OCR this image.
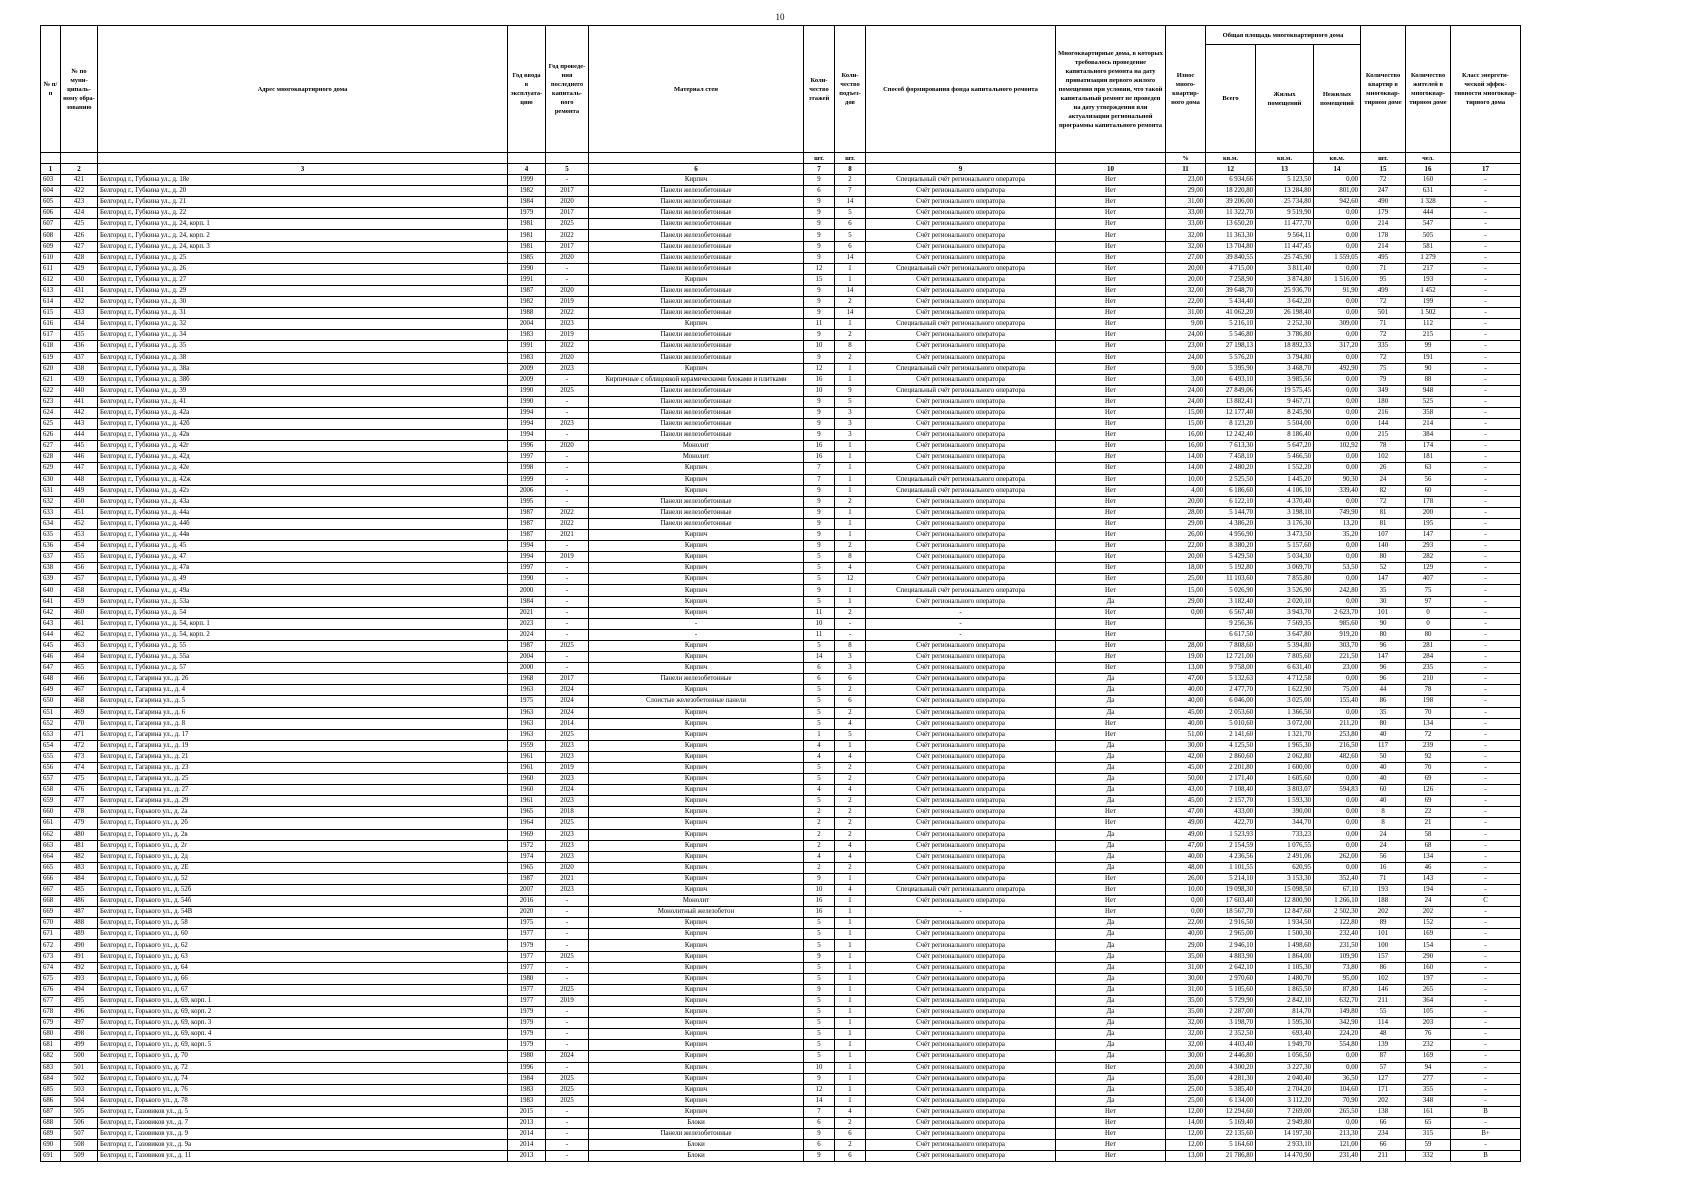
10
№ п/п	№ по муни-ципаль-ному обра-зованию	Адрес многоквартирного дома	Год ввода в эксплуата-цию	Год проведе-ния последнего капиталь-ного ремонта	Материал стен	Коли-чество этажей	Коли-чество подъез-дов	Способ формирования фонда капитального ремонта	Многоквартирные дома, в которых требовалось проведение капитального ремонта на дату приватизации первого жилого помещения при условии, что такой капитальный ремонт не проведен на дату утверждения или актуализации региональной программы капитального ремонта	Износ много-квартир-ного дома	Общая площадь многоквартирного дома			Количество квартир в многоквар-тирном доме	Количество жителей в многоквар-тирном доме	Класс энергети-ческой эффек-тивности многоквар-тирного дома
											Всего	Жилых помещений	Нежилых помещений			
						шт.	шт.			%	кв.м.	кв.м.	кв.м.	шт.	чел.	
1	2	3	4	5	6	7	8	9	10	11	12	13	14	15	16	17
603	421	Белгород г., Губкина ул., д. 18е	1999	-	Кирпич	9	2	Специальный счёт регионального оператора	Нет	23,00	6 934,66	5 123,50	0,00	72	160	-
604	422	Белгород г., Губкина ул., д. 20	1982	2017	Панели железобетонные	6	7	Счёт регионального оператора	Нет	29,00	18 220,80	13 284,80	801,00	247	631	-
605	423	Белгород г., Губкина ул., д. 21	1984	2020	Панели железобетонные	9	14	Счёт регионального оператора	Нет	31,00	39 206,00	25 734,80	942,60	490	1 328	-
606	424	Белгород г., Губкина ул., д. 22	1979	2017	Панели железобетонные	9	5	Счёт регионального оператора	Нет	33,00	11 322,70	9 519,90	0,00	179	444	-
607	425	Белгород г., Губкина ул., д. 24, корп. 1	1981	2025	Панели железобетонные	9	6	Счёт регионального оператора	Нет	33,00	13 650,20	11 477,70	0,00	214	547	-
608	426	Белгород г., Губкина ул., д. 24, корп. 2	1981	2022	Панели железобетонные	9	5	Счёт регионального оператора	Нет	32,00	11 363,30	9 564,11	0,00	178	505	-
609	427	Белгород г., Губкина ул., д. 24, корп. 3	1981	2017	Панели железобетонные	9	6	Счёт регионального оператора	Нет	32,00	13 704,80	11 447,45	0,00	214	581	-
610	428	Белгород г., Губкина ул., д. 25	1985	2020	Панели железобетонные	9	14	Счёт регионального оператора	Нет	27,00	39 840,55	25 745,90	1 559,05	495	1 279	-
611	429	Белгород г., Губкина ул., д. 26	1990	-	Панели железобетонные	12	1	Специальный счёт регионального оператора	Нет	20,00	4 715,00	3 811,40	0,00	71	217	-
612	430	Белгород г., Губкина ул., д. 27	1991	-	Кирпич	15	1	Счёт регионального оператора	Нет	20,00	7 258,90	3 874,80	1 516,00	95	193	-
613	431	Белгород г., Губкина ул., д. 29	1987	2020	Панели железобетонные	9	14	Счёт регионального оператора	Нет	32,00	39 648,70	25 936,70	91,90	499	1 452	-
614	432	Белгород г., Губкина ул., д. 30	1982	2019	Панели железобетонные	9	2	Счёт регионального оператора	Нет	22,00	5 434,40	3 642,20	0,00	72	199	-
615	433	Белгород г., Губкина ул., д. 31	1988	2022	Панели железобетонные	9	14	Счёт регионального оператора	Нет	31,00	41 062,20	26 198,40	0,00	501	1 502	-
616	434	Белгород г., Губкина ул., д. 32	2004	2023	Кирпич	11	1	Специальный счёт регионального оператора	Нет	9,00	5 216,10	2 252,30	309,00	71	112	-
617	435	Белгород г., Губкина ул., д. 34	1983	2019	Панели железобетонные	9	2	Счёт регионального оператора	Нет	24,00	5 546,80	3 786,80	0,00	72	215	-
618	436	Белгород г., Губкина ул., д. 35	1991	2022	Панели железобетонные	10	8	Счёт регионального оператора	Нет	23,00	27 198,13	18 892,33	317,20	335	99	-
619	437	Белгород г., Губкина ул., д. 38	1983	2020	Панели железобетонные	9	2	Счёт регионального оператора	Нет	24,00	5 576,20	3 794,80	0,00	72	191	-
620	438	Белгород г., Губкина ул., д. 38а	2009	2023	Кирпич	12	1	Специальный счёт регионального оператора	Нет	9,00	5 395,90	3 468,70	492,90	75	90	-
621	439	Белгород г., Губкина ул., д. 38б	2009	-	Кирпичные с облицовкой керамическими блоками и плитками	16	1	Счёт регионального оператора	Нет	3,00	6 493,10	3 985,56	0,00	79	88	-
622	440	Белгород г., Губкина ул., д. 39	1990	2025	Панели железобетонные	10	9	Специальный счёт регионального оператора	Нет	24,00	27 849,06	19 575,45	0,00	349	948	-
623	441	Белгород г., Губкина ул., д. 41	1990	-	Панели железобетонные	9	5	Счёт регионального оператора	Нет	24,00	13 882,41	9 467,71	0,00	180	525	-
624	442	Белгород г., Губкина ул., д. 42а	1994	-	Панели железобетонные	9	3	Счёт регионального оператора	Нет	15,00	12 177,40	8 245,90	0,00	216	358	-
625	443	Белгород г., Губкина ул., д. 42б	1994	2023	Панели железобетонные	9	3	Счёт регионального оператора	Нет	15,00	8 123,20	5 504,00	0,00	144	214	-
626	444	Белгород г., Губкина ул., д. 42в	1994	-	Панели железобетонные	9	3	Счёт регионального оператора	Нет	16,00	12 242,40	8 186,40	0,00	215	384	-
627	445	Белгород г., Губкина ул., д. 42г	1996	2020	Монолит	16	1	Счёт регионального оператора	Нет	16,00	7 613,30	5 647,20	102,92	78	174	-
628	446	Белгород г., Губкина ул., д. 42д	1997	-	Монолит	16	1	Счёт регионального оператора	Нет	14,00	7 458,10	5 466,50	0,00	102	181	-
629	447	Белгород г., Губкина ул., д. 42е	1998	-	Кирпич	7	1	Счёт регионального оператора	Нет	14,00	2 480,20	1 552,20	0,00	26	63	-
630	448	Белгород г., Губкина ул., д. 42ж	1999	-	Кирпич	7	1	Специальный счёт регионального оператора	Нет	10,00	2 525,50	1 445,20	90,30	24	56	-
631	449	Белгород г., Губкина ул., д. 42з	2006	-	Кирпич	9	1	Специальный счёт регионального оператора	Нет	4,00	6 186,60	4 106,10	339,40	82	60	-
632	450	Белгород г., Губкина ул., д. 43а	1995	-	Панели железобетонные	9	2	Счёт регионального оператора	Нет	20,00	6 122,10	4 370,40	0,00	72	178	-
633	451	Белгород г., Губкина ул., д. 44а	1987	2022	Панели железобетонные	9	1	Счёт регионального оператора	Нет	28,00	5 144,70	3 198,10	749,90	81	200	-
634	452	Белгород г., Губкина ул., д. 44б	1987	2022	Панели железобетонные	9	1	Счёт регионального оператора	Нет	29,00	4 386,20	3 176,30	13,20	81	195	-
635	453	Белгород г., Губкина ул., д. 44в	1987	2021	Кирпич	9	1	Счёт регионального оператора	Нет	26,00	4 956,90	3 473,50	35,20	107	147	-
636	454	Белгород г., Губкина ул., д. 45	1994	-	Кирпич	9	2	Счёт регионального оператора	Нет	22,00	8 380,20	5 157,60	0,00	140	293	-
637	455	Белгород г., Губкина ул., д. 47	1994	2019	Кирпич	5	8	Счёт регионального оператора	Нет	20,00	5 429,50	5 034,30	0,00	80	282	-
638	456	Белгород г., Губкина ул., д. 47в	1997	-	Кирпич	5	4	Счёт регионального оператора	Нет	18,00	5 192,80	3 069,70	53,50	52	129	-
639	457	Белгород г., Губкина ул., д. 49	1990	-	Кирпич	5	12	Счёт регионального оператора	Нет	25,00	11 103,60	7 855,80	0,00	147	407	-
640	458	Белгород г., Губкина ул., д. 49а	2000	-	Кирпич	9	1	Специальный счёт регионального оператора	Нет	15,00	5 026,90	3 526,90	242,80	35	75	-
641	459	Белгород г., Губкина ул., д. 53а	1984	-	Кирпич	5	1	Счёт регионального оператора	Да	29,00	3 182,40	2 020,10	0,00	30	97	-
642	460	Белгород г., Губкина ул., д. 54	2021	-	Кирпич	11	2	-	Нет	0,00	6 567,40	3 943,70	2 623,70	101	0	-
643	461	Белгород г., Губкина ул., д. 54, корп. 1	2023	-	-	10	-	-	Нет		9 256,36	7 569,35	985,60	90	0	-
644	462	Белгород г., Губкина ул., д. 54, корп. 2	2024	-	-	11	-	-	Нет		6 617,50	3 647,80	919,20	80	80	-
645	463	Белгород г., Губкина ул., д. 55	1987	2025	Кирпич	5	8	Счёт регионального оператора	Нет	28,00	7 808,60	5 394,80	303,70	96	281	-
646	464	Белгород г., Губкина ул., д. 55а	2004	-	Кирпич	14	3	Счёт регионального оператора	Нет	19,00	12 721,00	7 805,60	221,50	147	284	-
647	465	Белгород г., Губкина ул., д. 57	2000	-	Кирпич	6	3	Счёт регионального оператора	Нет	13,00	9 758,00	6 631,40	23,00	96	235	-
648	466	Белгород г., Гагарина ул., д. 26	1968	2017	Панели железобетонные	6	6	Счёт регионального оператора	Да	47,00	5 132,63	4 712,58	0,00	96	210	-
649	467	Белгород г., Гагарина ул., д. 4	1963	2024	Кирпич	5	2	Счёт регионального оператора	Да	40,00	2 477,70	1 622,90	75,00	44	78	-
650	468	Белгород г., Гагарина ул., д. 5	1975	2024	Слоистые железобетонные панели	5	6	Счёт регионального оператора	Да	40,00	6 046,00	3 025,00	155,40	86	198	-
651	469	Белгород г., Гагарина ул., д. 6	1963	2024	Кирпич	5	2	Счёт регионального оператора	Да	45,00	2 053,60	1 366,50	0,00	35	70	-
652	470	Белгород г., Гагарина ул., д. 8	1963	2014	Кирпич	5	4	Счёт регионального оператора	Нет	40,00	5 010,60	3 072,00	211,20	80	134	-
653	471	Белгород г., Гагарина ул., д. 17	1963	2025	Кирпич	1	5	Счёт регионального оператора	Нет	51,00	2 141,60	1 321,70	253,80	40	72	-
654	472	Белгород г., Гагарина ул., д. 19	1959	2023	Кирпич	4	1	Счёт регионального оператора	Да	30,00	4 125,50	1 965,30	216,50	117	239	-
655	473	Белгород г., Гагарина ул., д. 21	1961	2023	Кирпич	4	4	Счёт регионального оператора	Да	42,00	2 860,60	2 062,80	482,60	50	92	-
656	474	Белгород г., Гагарина ул., д. 23	1961	2019	Кирпич	5	2	Счёт регионального оператора	Да	45,00	2 201,80	1 600,00	0,00	40	70	-
657	475	Белгород г., Гагарина ул., д. 25	1960	2023	Кирпич	5	2	Счёт регионального оператора	Да	50,00	2 171,40	1 605,60	0,00	40	69	-
658	476	Белгород г., Гагарина ул., д. 27	1960	2024	Кирпич	4	4	Счёт регионального оператора	Да	43,00	7 108,40	3 803,07	594,83	60	126	-
659	477	Белгород г., Гагарина ул., д. 29	1961	2023	Кирпич	5	2	Счёт регионального оператора	Да	45,00	2 157,70	1 593,30	0,00	40	69	-
660	478	Белгород г., Горького ул., д. 2а	1965	2018	Кирпич	2	2	Счёт регионального оператора	Нет	47,00	433,00	390,00	0,00	8	22	-
661	479	Белгород г., Горького ул., д. 2б	1964	2025	Кирпич	2	2	Счёт регионального оператора	Нет	49,00	422,70	344,70	0,00	8	21	-
662	480	Белгород г., Горького ул., д. 2в	1969	2023	Кирпич	2	2	Счёт регионального оператора	Да	49,00	1 523,93	733,23	0,00	24	58	-
663	481	Белгород г., Горького ул., д. 2г	1972	2023	Кирпич	2	4	Счёт регионального оператора	Да	47,00	2 154,59	1 076,55	0,00	24	68	-
664	482	Белгород г., Горького ул., д. 2д	1974	2023	Кирпич	4	4	Счёт регионального оператора	Да	40,00	4 236,56	2 491,06	262,00	56	134	-
665	483	Белгород г., Горького ул., д. 2Е	1965	2020	Кирпич	2	2	Счёт регионального оператора	Да	48,00	1 101,55	620,95	0,00	16	46	-
666	484	Белгород г., Горького ул., д. 52	1987	2021	Кирпич	9	1	Счёт регионального оператора	Нет	26,00	5 214,10	3 153,30	352,40	71	143	-
667	485	Белгород г., Горького ул., д. 52б	2007	2023	Кирпич	10	4	Специальный счёт регионального оператора	Нет	10,00	19 098,30	15 098,50	67,10	193	194	-
668	486	Белгород г., Горького ул., д. 54б	2016	-	Монолит	16	1	Счёт регионального оператора	Нет	0,00	17 603,40	12 800,90	1 266,10	188	24	C
669	487	Белгород г., Горького ул., д. 54В	2020	-	Монолитный железобетон	16	1	-	Нет	0,00	18 567,70	12 847,60	2 502,30	202	202	-
670	488	Белгород г., Горького ул., д. 58	1975	-	Кирпич	5	1	Счёт регионального оператора	Да	22,00	2 916,50	1 934,50	122,80	89	152	-
671	489	Белгород г., Горького ул., д. 60	1977	-	Кирпич	5	1	Счёт регионального оператора	Да	40,00	2 965,00	1 500,30	232,40	101	169	-
672	490	Белгород г., Горького ул., д. 62	1979	-	Кирпич	5	1	Счёт регионального оператора	Да	29,00	2 946,10	1 498,60	231,50	100	154	-
673	491	Белгород г., Горького ул., д. 63	1977	2025	Кирпич	9	1	Счёт регионального оператора	Да	35,00	4 883,90	1 864,00	109,90	157	290	-
674	492	Белгород г., Горького ул., д. 64	1977	-	Кирпич	5	1	Счёт регионального оператора	Да	31,00	2 642,10	1 105,30	73,80	86	160	-
675	493	Белгород г., Горького ул., д. 66	1980	-	Кирпич	5	1	Счёт регионального оператора	Да	30,00	2 970,60	1 480,70	95,00	102	197	-
676	494	Белгород г., Горького ул., д. 67	1977	2025	Кирпич	9	1	Счёт регионального оператора	Да	31,00	5 105,60	1 865,50	87,80	146	265	-
677	495	Белгород г., Горького ул., д. 69, корп. 1	1977	2019	Кирпич	5	1	Счёт регионального оператора	Да	35,00	5 729,90	2 842,10	632,70	211	364	-
678	496	Белгород г., Горького ул., д. 69, корп. 2	1979	-	Кирпич	5	1	Счёт регионального оператора	Да	35,00	2 287,00	814,70	149,80	55	105	-
679	497	Белгород г., Горького ул., д. 69, корп. 3	1979	-	Кирпич	5	1	Счёт регионального оператора	Да	32,00	3 198,70	1 595,30	342,90	114	203	-
680	498	Белгород г., Горького ул., д. 69, корп. 4	1979	-	Кирпич	5	1	Счёт регионального оператора	Да	32,00	2 352,50	693,40	224,20	48	76	-
681	499	Белгород г., Горького ул., д. 69, корп. 5	1979	-	Кирпич	5	1	Счёт регионального оператора	Да	32,00	4 403,40	1 949,70	554,80	139	232	-
682	500	Белгород г., Горького ул., д. 70	1980	2024	Кирпич	5	1	Счёт регионального оператора	Да	30,00	2 446,80	1 056,50	0,00	87	169	-
683	501	Белгород г., Горького ул., д. 72	1996	-	Кирпич	10	1	Счёт регионального оператора	Нет	20,00	4 300,20	3 227,30	0,00	57	94	-
684	502	Белгород г., Горького ул., д. 74	1984	2025	Кирпич	9	1	Счёт регионального оператора	Да	35,00	4 281,30	2 040,40	36,50	127	277	-
685	503	Белгород г., Горького ул., д. 76	1983	2025	Кирпич	12	1	Счёт регионального оператора	Да	25,00	5 385,40	2 704,20	104,60	171	355	-
686	504	Белгород г., Горького ул., д. 78	1983	2025	Кирпич	14	1	Счёт регионального оператора	Да	25,00	6 134,00	3 112,20	70,90	202	348	-
687	505	Белгород г., Газовиков ул., д. 5	2015	-	Кирпич	7	4	Счёт регионального оператора	Нет	12,00	12 294,60	7 269,00	265,50	138	161	B
688	506	Белгород г., Газовиков ул., д. 7	2013	-	Блоки	6	2	Счёт регионального оператора	Нет	14,00	5 169,40	2 949,80	0,00	66	65	-
689	507	Белгород г., Газовиков ул., д. 9	2014	-	Панели железобетонные	9	6	Счёт регионального оператора	Нет	12,00	22 135,60	14 197,30	213,30	234	315	B+
690	508	Белгород г., Газовиков ул., д. 9а	2014	-	Блоки	6	2	Счёт регионального оператора	Нет	12,00	5 164,60	2 933,10	121,00	66	59	-
691	509	Белгород г., Газовиков ул., д. 11	2013	-	Блоки	9	6	Счёт регионального оператора	Нет	13,00	21 786,80	14 470,90	231,40	211	332	B
